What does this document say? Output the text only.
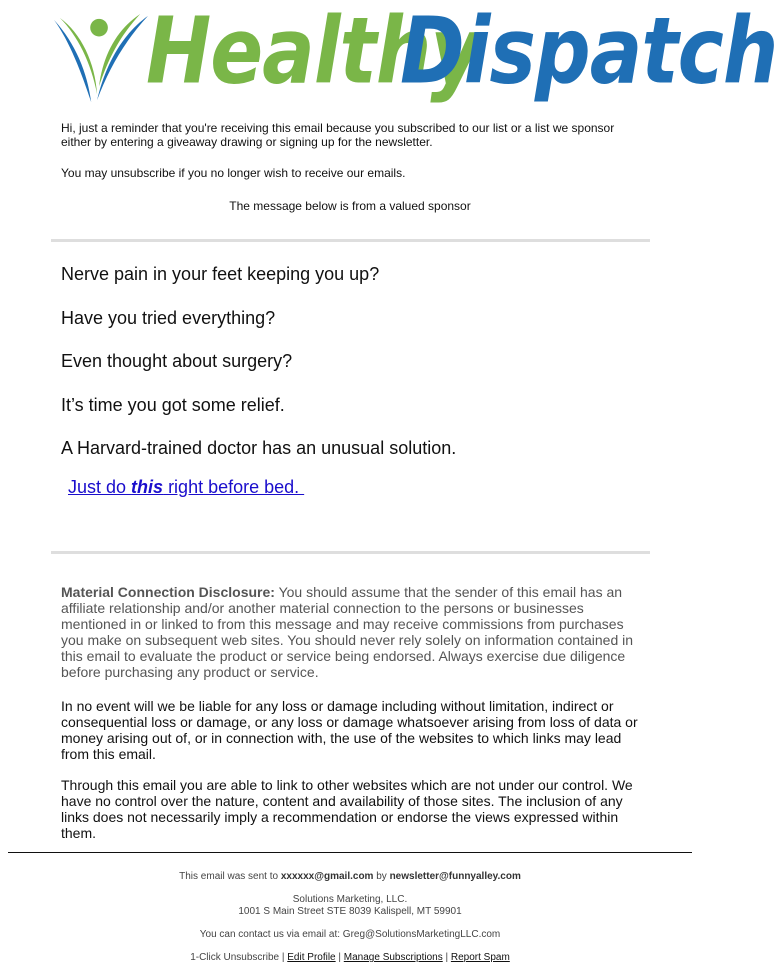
Healthy
Dispatch

Hi, just a reminder that you're receiving this email because you subscribed to our list or a list we sponsor either by entering a giveaway drawing or signing up for the newsletter.

You may unsubscribe if you no longer wish to receive our emails.

The message below is from a valued sponsor
Nerve pain in your feet keeping you up?
Have you tried everything?
Even thought about surgery?
It’s time you got some relief.
A Harvard-trained doctor has an unusual solution.
Just do this right before bed.

Material Connection Disclosure: You should assume that the sender of this email has an affiliate relationship and/or another material connection to the persons or businesses mentioned in or linked to from this message and may receive commissions from purchases you make on subsequent web sites. You should never rely solely on information contained in this email to evaluate the product or service being endorsed. Always exercise due diligence before purchasing any product or service.

In no event will we be liable for any loss or damage including without limitation, indirect or consequential loss or damage, or any loss or damage whatsoever arising from loss of data or money arising out of, or in connection with, the use of the websites to which links may lead from this email.
Through this email you are able to link to other websites which are not under our control. We have no control over the nature, content and availability of those sites. The inclusion of any links does not necessarily imply a recommendation or endorse the views expressed within them.
This email was sent to xxxxxx@gmail.com by newsletter@funnyalley.com
Solutions Marketing, LLC.
1001 S Main Street STE 8039 Kalispell, MT 59901
You can contact us via email at: Greg@SolutionsMarketingLLC.com
1-Click Unsubscribe | Edit Profile | Manage Subscriptions | Report Spam
